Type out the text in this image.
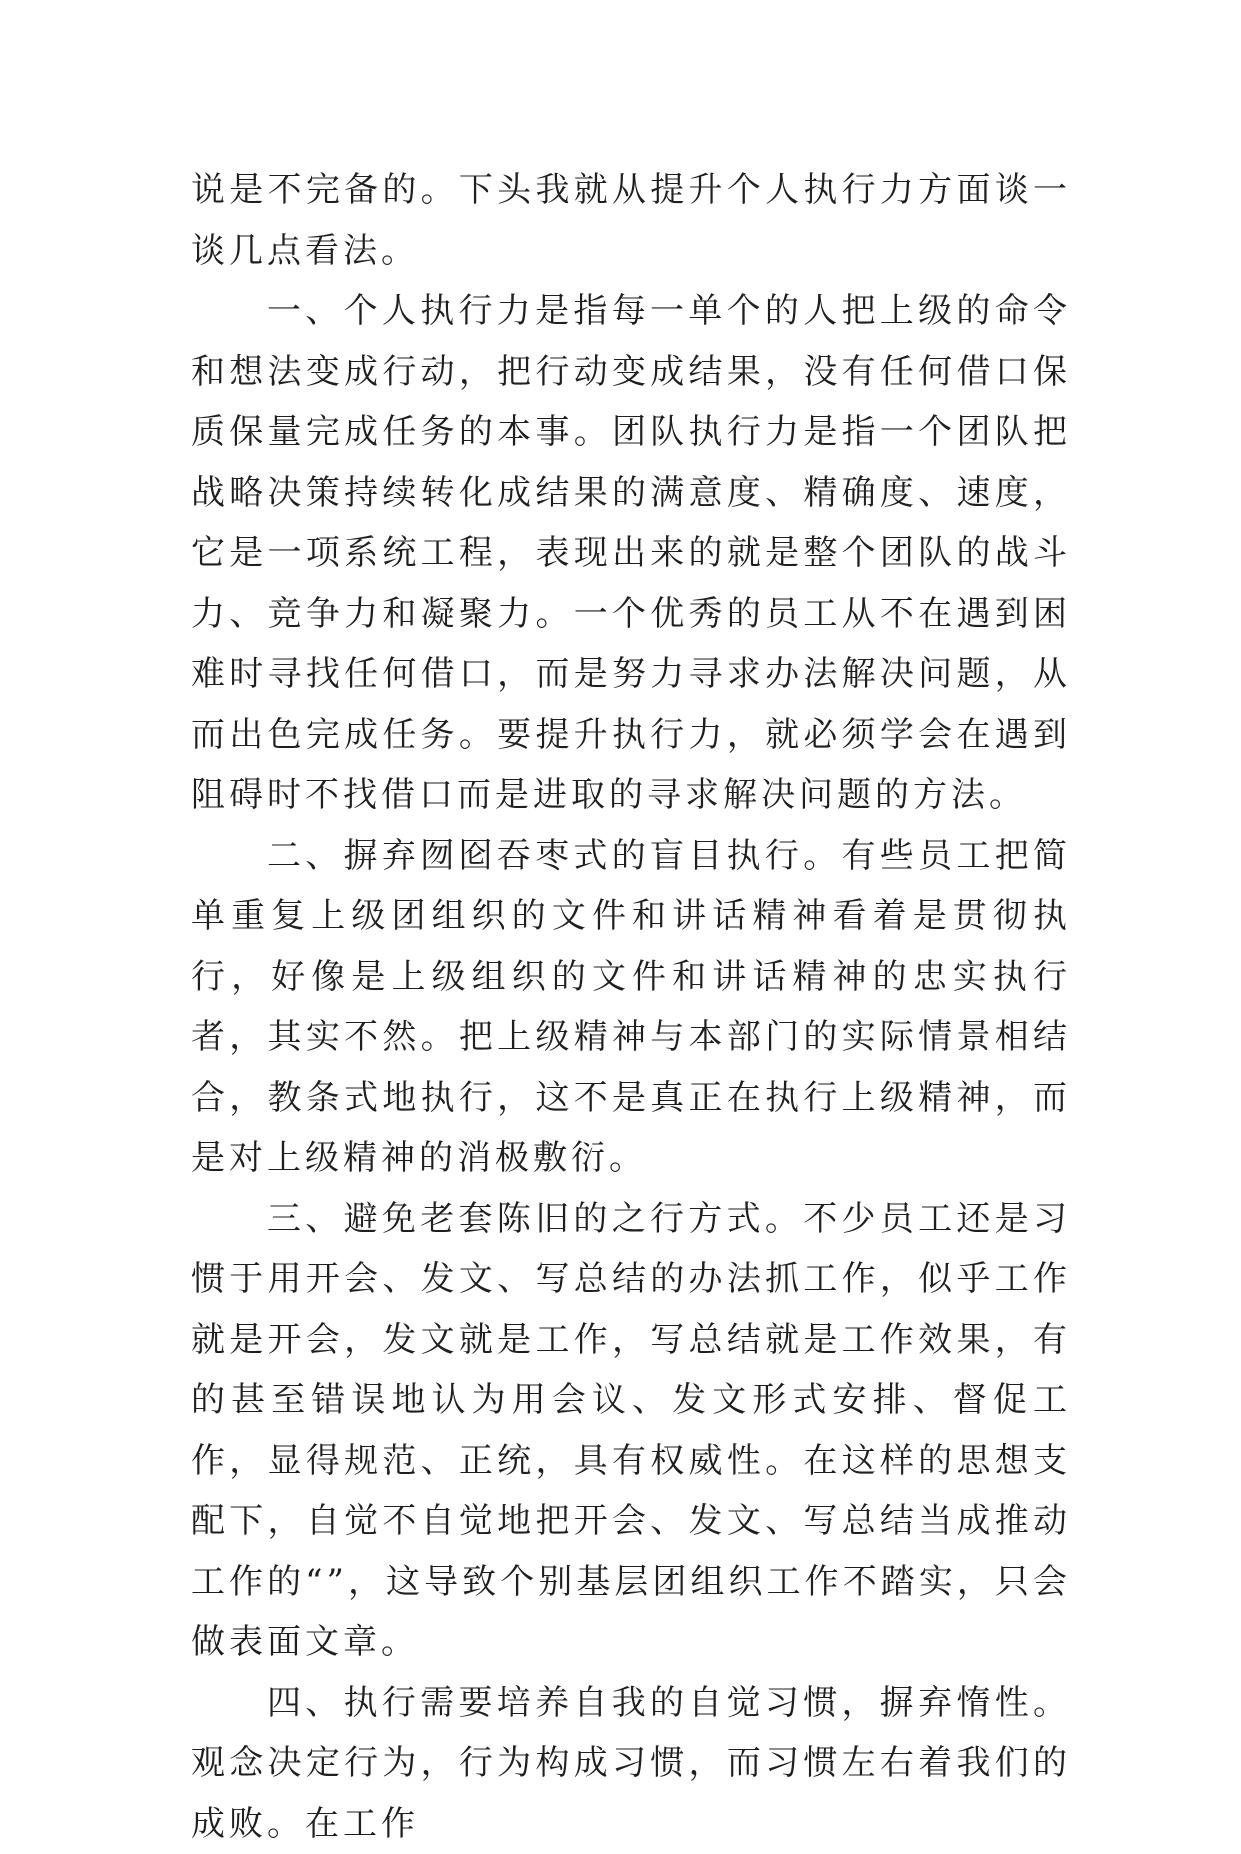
说是不完备的。下头我就从提升个人执行力方面谈一谈几点看法。

一、个人执行力是指每一单个的人把上级的命令和想法变成行动，把行动变成结果，没有任何借口保质保量完成任务的本事。团队执行力是指一个团队把战略决策持续转化成结果的满意度、精确度、速度，它是一项系统工程，表现出来的就是整个团队的战斗力、竞争力和凝聚力。一个优秀的员工从不在遇到困难时寻找任何借口，而是努力寻求办法解决问题，从而出色完成任务。要提升执行力，就必须学会在遇到阻碍时不找借口而是进取的寻求解决问题的方法。

二、摒弃囫囵吞枣式的盲目执行。有些员工把简单重复上级团组织的文件和讲话精神看着是贯彻执行，好像是上级组织的文件和讲话精神的忠实执行者，其实不然。把上级精神与本部门的实际情景相结合，教条式地执行，这不是真正在执行上级精神，而是对上级精神的消极敷衍。

三、避免老套陈旧的之行方式。不少员工还是习惯于用开会、发文、写总结的办法抓工作，似乎工作就是开会，发文就是工作，写总结就是工作效果，有的甚至错误地认为用会议、发文形式安排、督促工作，显得规范、正统，具有权威性。在这样的思想支配下，自觉不自觉地把开会、发文、写总结当成推动工作的“”，这导致个别基层团组织工作不踏实，只会做表面文章。

四、执行需要培养自我的自觉习惯，摒弃惰性。观念决定行为，行为构成习惯，而习惯左右着我们的成败。在工作
